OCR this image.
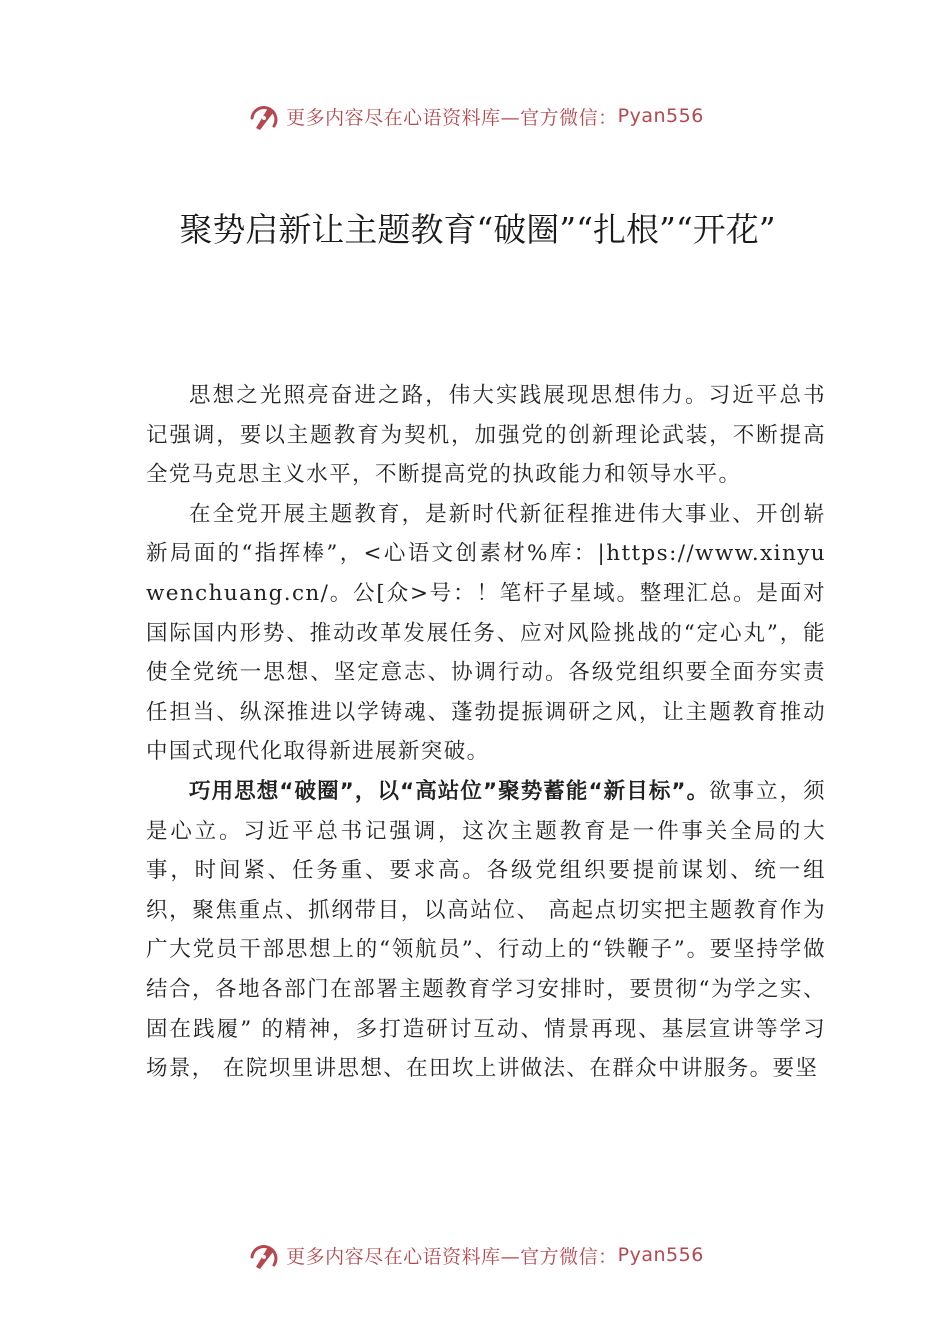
更多内容尽在心语资料库—官方微信： Pyan556
聚势启新让主题教育“破圈”“扎根”“开花”

思想之光照亮奋进之路，伟大实践展现思想伟力。习近平总书记强调，要以主题教育为契机，加强党的创新理论武装，不断提高全党马克思主义水平，不断提高党的执政能力和领导水平。

在全党开展主题教育，是新时代新征程推进伟大事业、开创崭新局面的“指挥棒”，<心语文创素材%库：|https://www.xinyuwenchuang.cn/。公[众>号：！笔杆子星域。整理汇总。是面对国际国内形势、推动改革发展任务、应对风险挑战的“定心丸”，能使全党统一思想、坚定意志、协调行动。各级党组织要全面夯实责任担当、纵深推进以学铸魂、蓬勃提振调研之风，让主题教育推动中国式现代化取得新进展新突破。

巧用思想“破圈”，以“高站位”聚势蓄能“新目标”。欲事立，须是心立。习近平总书记强调，这次主题教育是一件事关全局的大事，时间紧、任务重、要求高。各级党组织要提前谋划、统一组织，聚焦重点、抓纲带目，以高站位、 高起点切实把主题教育作为广大党员干部思想上的“领航员”、行动上的“铁鞭子”。要坚持学做结合，各地各部门在部署主题教育学习安排时，要贯彻“为学之实、固在践履” 的精神，多打造研讨互动、情景再现、基层宣讲等学习场景， 在院坝里讲思想、在田坎上讲做法、在群众中讲服务。要坚

更多内容尽在心语资料库—官方微信： Pyan556
